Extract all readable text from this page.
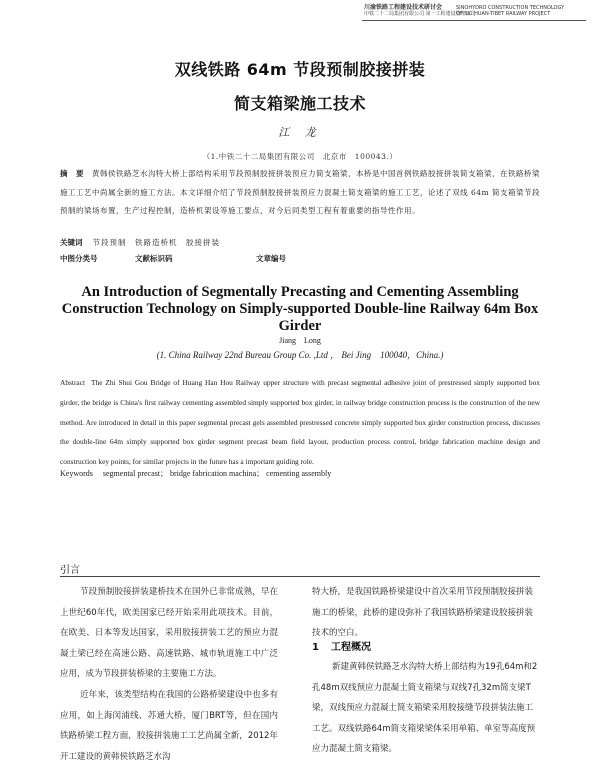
川渝铁路工程建设技术研讨会
中铁二十二局集团有限公司 第一工程建设管理公司
SINOHYDRO CONSTRUCTION TECHNOLOGY
OF SIC HUAN-TIBET RAILWAY PROJECT
双线铁路 64m 节段预制胶接拼装
简支箱梁施工技术
江 龙
（1.中铁二十二局集团有限公司　北京市　100043.）
摘　要 黄韩侯铁路芝水沟特大桥上部结构采用节段预制胶接拼装预应力简支箱梁，本桥是中国首例铁路胶接拼装简支箱梁，在铁路桥梁施工工艺中尚属全新的施工方法。本文详细介绍了节段预制胶接拼装预应力混凝土简支箱梁的施工工艺，论述了双线 64m 简支箱梁节段预制的梁场布置，生产过程控制，造桥机架设等施工要点，对今后同类型工程有着重要的指导性作用。
关键词 节段预制　铁路造桥机　胶接拼装
中图分类号	文献标识码	文章编号
An Introduction of Segmentally Precasting and Cementing Assembling
Construction Technology on Simply-supported Double-line Railway 64m Box
Girder
Jiang　Long
(1. China Railway 22nd Bureau Group Co. ,Ltd ， Bei Jing　100040，China.)
Abstract The Zhi Shui Gou Bridge of Huang Han Hou Railway upper structure with precast segmental adhesive joint of prestressed simply supported box girder, the bridge is China's first railway cementing assembled simply supported box girder, in railway bridge construction process is the construction of the new method. Are introduced in detail in this paper segmental precast gels assembled prestressed concrete simply supported box girder construction process, discusses the double-line 64m simply supported box girder segment precast beam field layout, production process control, bridge fabrication machine design and construction key points, for similar projects in the future has a important guiding role.
Keywords segmental precast； bridge fabrication machina； cementing assembly
引言

节段预制胶接拼装建桥技术在国外已非常成熟，早在上世纪60年代，欧美国家已经开始采用此项技术。目前，在欧美、日本等发达国家，采用胶接拼装工艺的预应力混凝土梁已经在高速公路、高速铁路、城市轨道施工中广泛应用，成为节段拼装桥梁的主要施工方法。

近年来，该类型结构在我国的公路桥梁建设中也多有应用，如上海闵浦线、苏通大桥，厦门BRT等，但在国内铁路桥梁工程方面，胶接拼装施工工艺尚属全新，2012年开工建设的黄韩侯铁路芝水沟

特大桥，是我国铁路桥梁建设中首次采用节段预制胶接拼装施工的桥梁，此桥的建设弥补了我国铁路桥梁建设胶接拼装技术的空白。

1 工程概况

新建黄韩侯铁路芝水沟特大桥上部结构为19孔64m和2孔48m双线预应力混凝土简支箱梁与双线7孔32m简支梁T梁，双线预应力混凝土简支箱梁采用胶接缝节段拼装法施工工艺。双线铁路64m简支箱梁梁体采用单箱、单室等高度预应力混凝土简支箱梁。
